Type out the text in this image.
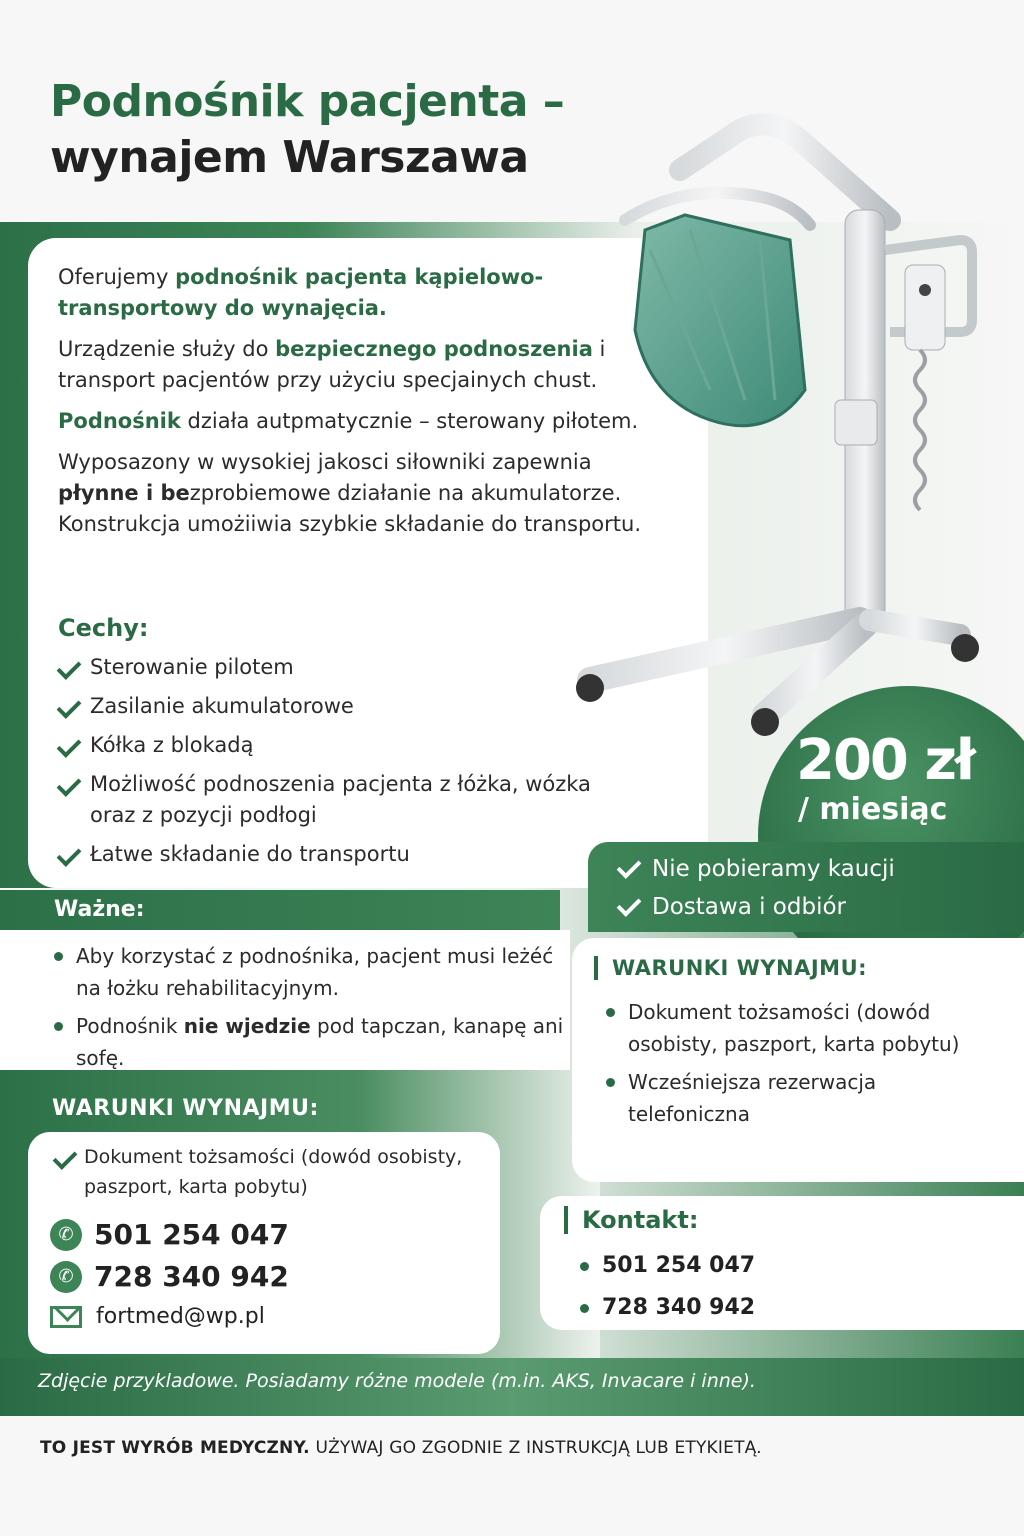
Podnośnik pacjenta –
wynajem Warszawa

Oferujemy podnośnik pacjenta kąpielowo-transportowy do wynajęcia.

Urządzenie służy do bezpiecznego podnoszenia i transport pacjentów przy użyciu specjainych chust.

Podnośnik działa autpmatycznie – sterowany piłotem.

Wyposazony w wysokiej jakosci siłowniki zapewnia płynne i bezprobiemowe działanie na akumulatorze. Konstrukcja umożiiwia szybkie składanie do transportu.

Cechy:
Sterowanie pilotem
Zasilanie akumulatorowe
Kółka z blokadą
Możliwość podnoszenia pacjenta z łóżka, wózka oraz z pozycji podłogi
Łatwe składanie do transportu
200 zł
/ miesiąc
Nie pobieramy kaucji
Dostawa i odbiór
Ważne:
Aby korzystać z podnośnika, pacjent musi leżéć na łożku rehabilitacyjnym.
Podnośnik nie wjedzie pod tapczan, kanapę ani sofę.
WARUNKI WYNAJMU:
Dokument tożsamości (dowód osobisty, paszport, karta pobytu)
Wcześniejsza rezerwacja telefoniczna
WARUNKI WYNAJMU:
Dokument tożsamości (dowód osobisty, paszport, karta pobytu)
✆ 501 254 047
✆ 728 340 942
fortmed@wp.pl
Kontakt:
501 254 047
728 340 942
Zdjęcie przykladowe. Posiadamy różne modele (m.in. AKS, Invacare i inne).
TO JEST WYRÓB MEDYCZNY. UŻYWAJ GO ZGODNIE Z INSTRUKCJĄ LUB ETYKIETĄ.
